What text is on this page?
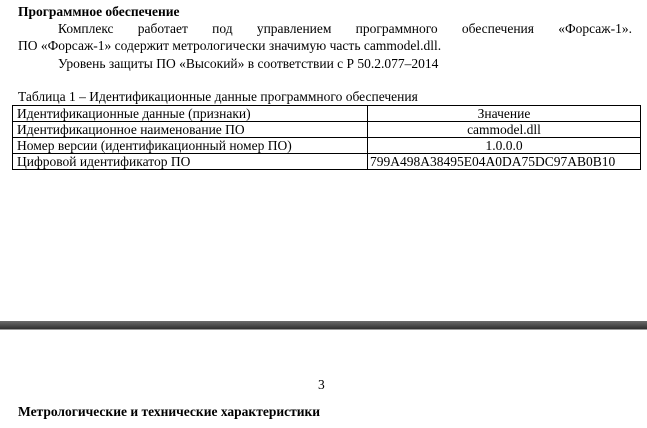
Программное обеспечение
Комплекс работает под управлением программного обеспечения «Форсаж-1».
ПО «Форсаж-1» содержит метрологически значимую часть cammodel.dll.
Уровень защиты ПО «Высокий» в соответствии с Р 50.2.077–2014
Таблица 1 – Идентификационные данные программного обеспечения
Идентификационные данные (признаки)	Значение
Идентификационное наименование ПО	cammodel.dll
Номер версии (идентификационный номер ПО)	1.0.0.0
Цифровой идентификатор ПО	799A498A38495E04A0DA75DC97AB0B10
3
Метрологические и технические характеристики
